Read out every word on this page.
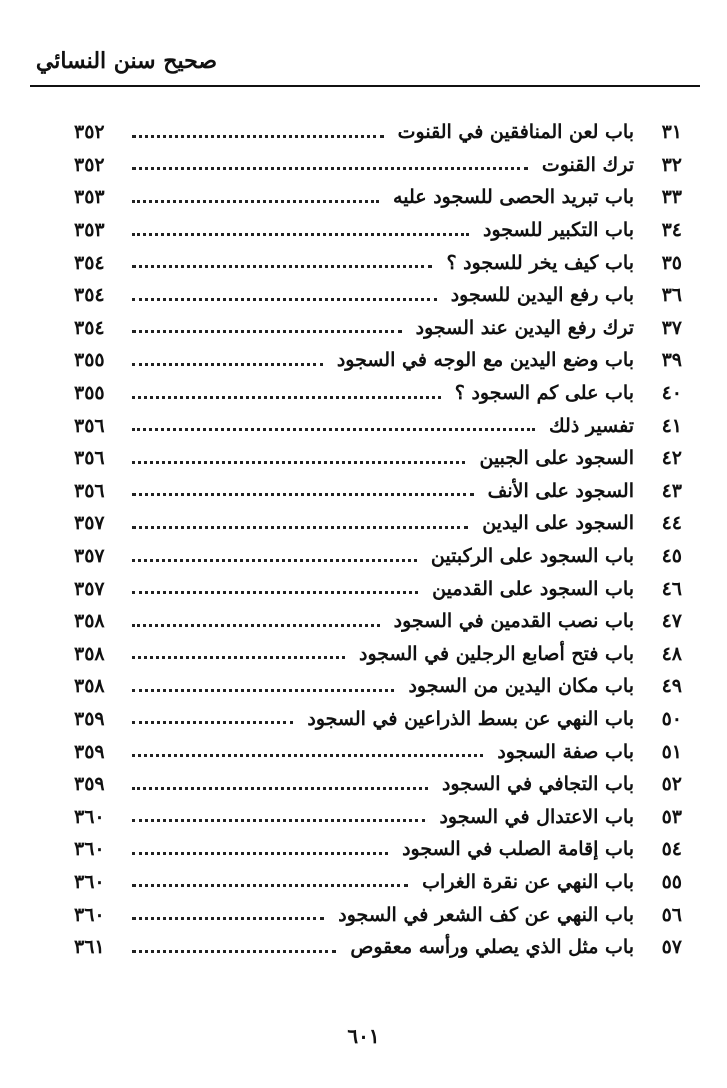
صحيح سنن النسائي
٣١
باب لعن المنافقين في القنوت
٣٥٢
٣٢
ترك القنوت
٣٥٢
٣٣
باب تبريد الحصى للسجود عليه
٣٥٣
٣٤
باب التكبير للسجود
٣٥٣
٣٥
باب كيف يخر للسجود ؟
٣٥٤
٣٦
باب رفع اليدين للسجود
٣٥٤
٣٧
ترك رفع اليدين عند السجود
٣٥٤
٣٩
باب وضع اليدين مع الوجه في السجود
٣٥٥
٤٠
باب على كم السجود ؟
٣٥٥
٤١
تفسير ذلك
٣٥٦
٤٢
السجود على الجبين
٣٥٦
٤٣
السجود على الأنف
٣٥٦
٤٤
السجود على اليدين
٣٥٧
٤٥
باب السجود على الركبتين
٣٥٧
٤٦
باب السجود على القدمين
٣٥٧
٤٧
باب نصب القدمين في السجود
٣٥٨
٤٨
باب فتح أصابع الرجلين في السجود
٣٥٨
٤٩
باب مكان اليدين من السجود
٣٥٨
٥٠
باب النهي عن بسط الذراعين في السجود
٣٥٩
٥١
باب صفة السجود
٣٥٩
٥٢
باب التجافي في السجود
٣٥٩
٥٣
باب الاعتدال في السجود
٣٦٠
٥٤
باب إقامة الصلب في السجود
٣٦٠
٥٥
باب النهي عن نقرة الغراب
٣٦٠
٥٦
باب النهي عن كف الشعر في السجود
٣٦٠
٥٧
باب مثل الذي يصلي ورأسه معقوص
٣٦١
٦٠١
